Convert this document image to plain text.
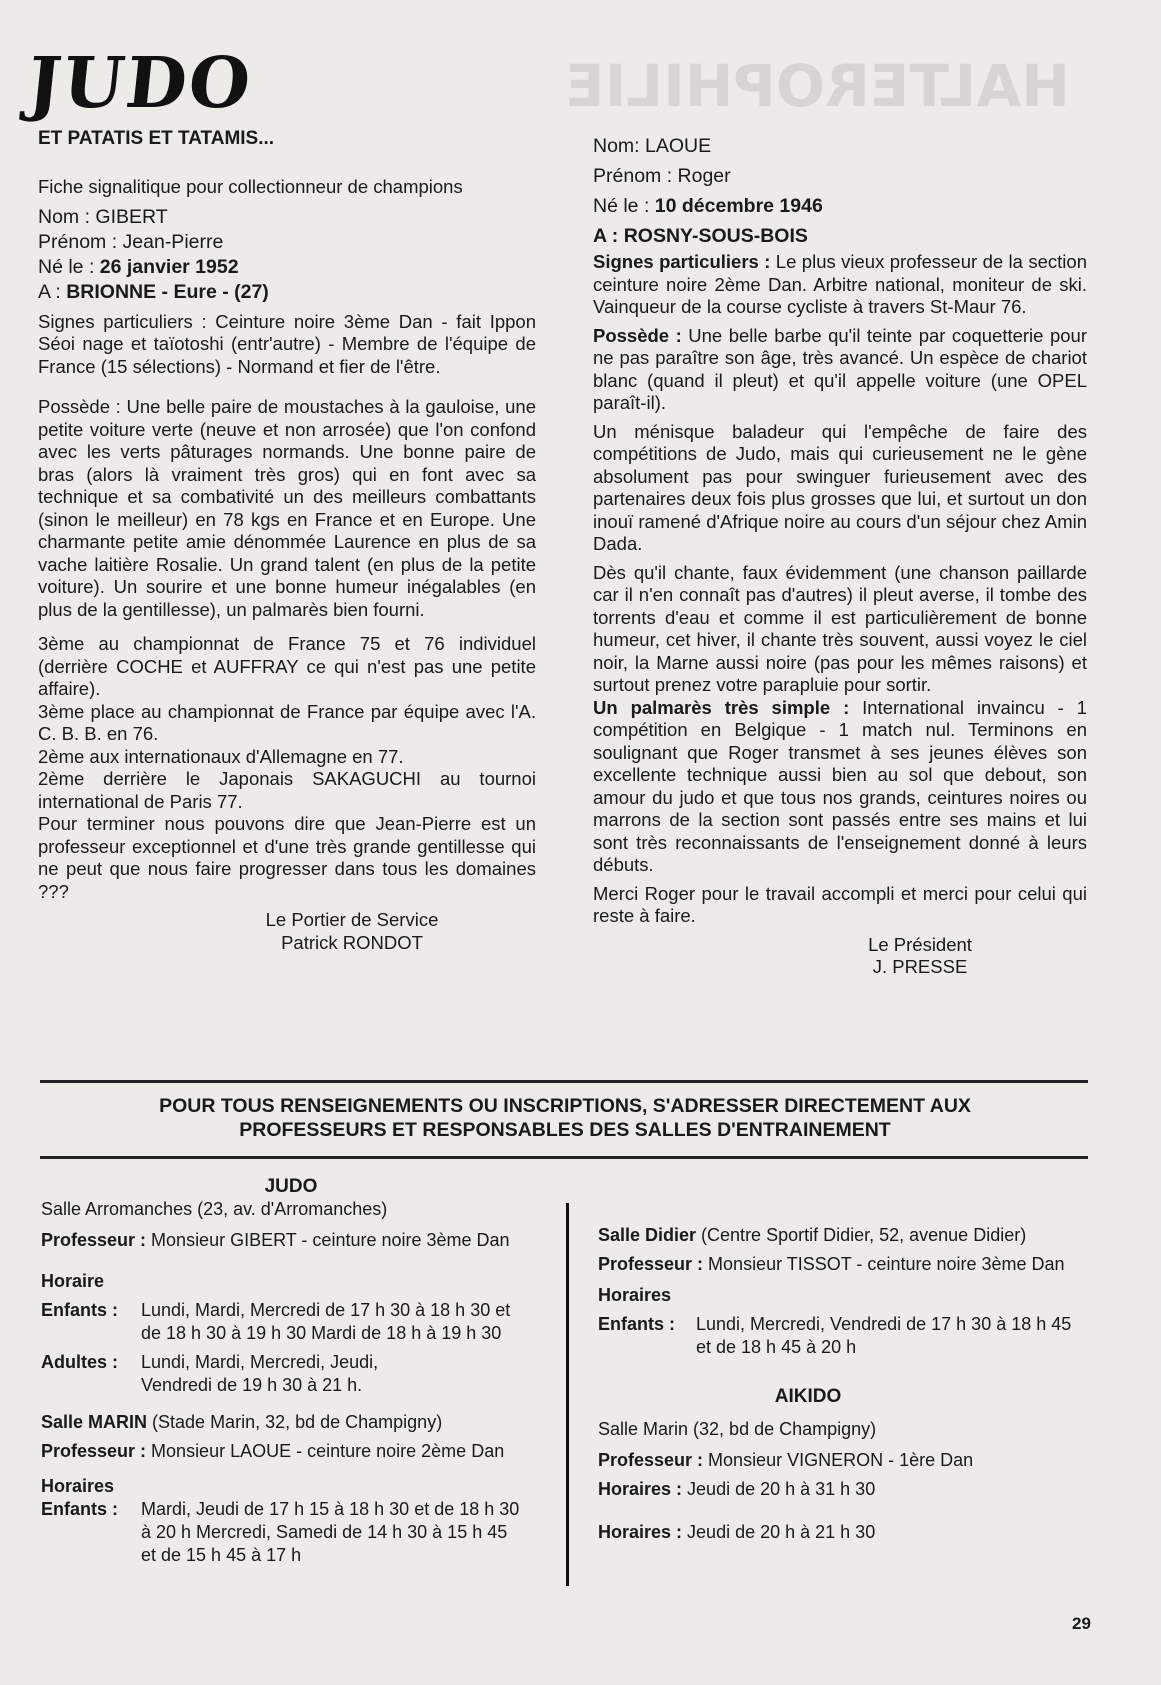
HALTEROPHILIE
JUDO
ET PATATIS ET TATAMIS...

Fiche signalitique pour collectionneur de champions

Nom : GIBERT

Prénom : Jean-Pierre

Né le : 26 janvier 1952

A : BRIONNE - Eure - (27)

Signes particuliers : Ceinture noire 3ème Dan - fait Ippon Séoi nage et taïotoshi (entr'autre) - Membre de l'équipe de France (15 sélections) - Normand et fier de l'être.

Possède : Une belle paire de moustaches à la gauloise, une petite voiture verte (neuve et non arrosée) que l'on confond avec les verts pâturages normands. Une bonne paire de bras (alors là vraiment très gros) qui en font avec sa technique et sa combativité un des meilleurs combattants (sinon le meilleur) en 78 kgs en France et en Europe. Une charmante petite amie dénommée Laurence en plus de sa vache laitière Rosalie. Un grand talent (en plus de la petite voiture). Un sourire et une bonne humeur inégalables (en plus de la gentillesse), un palmarès bien fourni.

3ème au championnat de France 75 et 76 individuel (derrière COCHE et AUFFRAY ce qui n'est pas une petite affaire).

3ème place au championnat de France par équipe avec l'A. C. B. B. en 76.

2ème aux internationaux d'Allemagne en 77.

2ème derrière le Japonais SAKAGUCHI au tournoi international de Paris 77.

Pour terminer nous pouvons dire que Jean-Pierre est un professeur exceptionnel et d'une très grande gentillesse qui ne peut que nous faire progresser dans tous les domaines ???

Le Portier de Service

Patrick RONDOT

Nom: LAOUE

Prénom : Roger

Né le : 10 décembre 1946

A : ROSNY-SOUS-BOIS

Signes particuliers : Le plus vieux professeur de la section ceinture noire 2ème Dan. Arbitre national, moniteur de ski. Vainqueur de la course cycliste à travers St-Maur 76.

Possède : Une belle barbe qu'il teinte par coquetterie pour ne pas paraître son âge, très avancé. Un espèce de chariot blanc (quand il pleut) et qu'il appelle voiture (une OPEL paraît-il).

Un ménisque baladeur qui l'empêche de faire des compétitions de Judo, mais qui curieusement ne le gène absolument pas pour swinguer furieusement avec des partenaires deux fois plus grosses que lui, et surtout un don inouï ramené d'Afrique noire au cours d'un séjour chez Amin Dada.

Dès qu'il chante, faux évidemment (une chanson paillarde car il n'en connaît pas d'autres) il pleut averse, il tombe des torrents d'eau et comme il est particulièrement de bonne humeur, cet hiver, il chante très souvent, aussi voyez le ciel noir, la Marne aussi noire (pas pour les mêmes raisons) et surtout prenez votre parapluie pour sortir.

Un palmarès très simple : International invaincu - 1 compétition en Belgique - 1 match nul. Terminons en soulignant que Roger transmet à ses jeunes élèves son excellente technique aussi bien au sol que debout, son amour du judo et que tous nos grands, ceintures noires ou marrons de la section sont passés entre ses mains et lui sont très reconnaissants de l'enseignement donné à leurs débuts.

Merci Roger pour le travail accompli et merci pour celui qui reste à faire.

Le Président

J. PRESSE

POUR TOUS RENSEIGNEMENTS OU INSCRIPTIONS, S'ADRESSER DIRECTEMENT AUX
PROFESSEURS ET RESPONSABLES DES SALLES D'ENTRAINEMENT

JUDO

Salle Arromanches (23, av. d'Arromanches)

Professeur : Monsieur GIBERT - ceinture noire 3ème Dan

Horaire

Enfants :	Lundi, Mardi, Mercredi de 17 h 30 à 18 h 30 et

de 18 h 30 à 19 h 30 Mardi de 18 h à 19 h 30

Adultes :	Lundi, Mardi, Mercredi, Jeudi,

Vendredi de 19 h 30 à 21 h.

Salle MARIN (Stade Marin, 32, bd de Champigny)

Professeur : Monsieur LAOUE - ceinture noire 2ème Dan

Horaires

Enfants :	Mardi, Jeudi de 17 h 15 à 18 h 30 et de 18 h 30

à 20 h Mercredi, Samedi de 14 h 30 à 15 h 45

et de 15 h 45 à 17 h

Salle Didier (Centre Sportif Didier, 52, avenue Didier)

Professeur : Monsieur TISSOT - ceinture noire 3ème Dan

Horaires

Enfants :	Lundi, Mercredi, Vendredi de 17 h 30 à 18 h 45

et de 18 h 45 à 20 h

AIKIDO

Salle Marin (32, bd de Champigny)

Professeur : Monsieur VIGNERON - 1ère Dan

Horaires : Jeudi de 20 h à 31 h 30

Horaires : Jeudi de 20 h à 21 h 30

29
